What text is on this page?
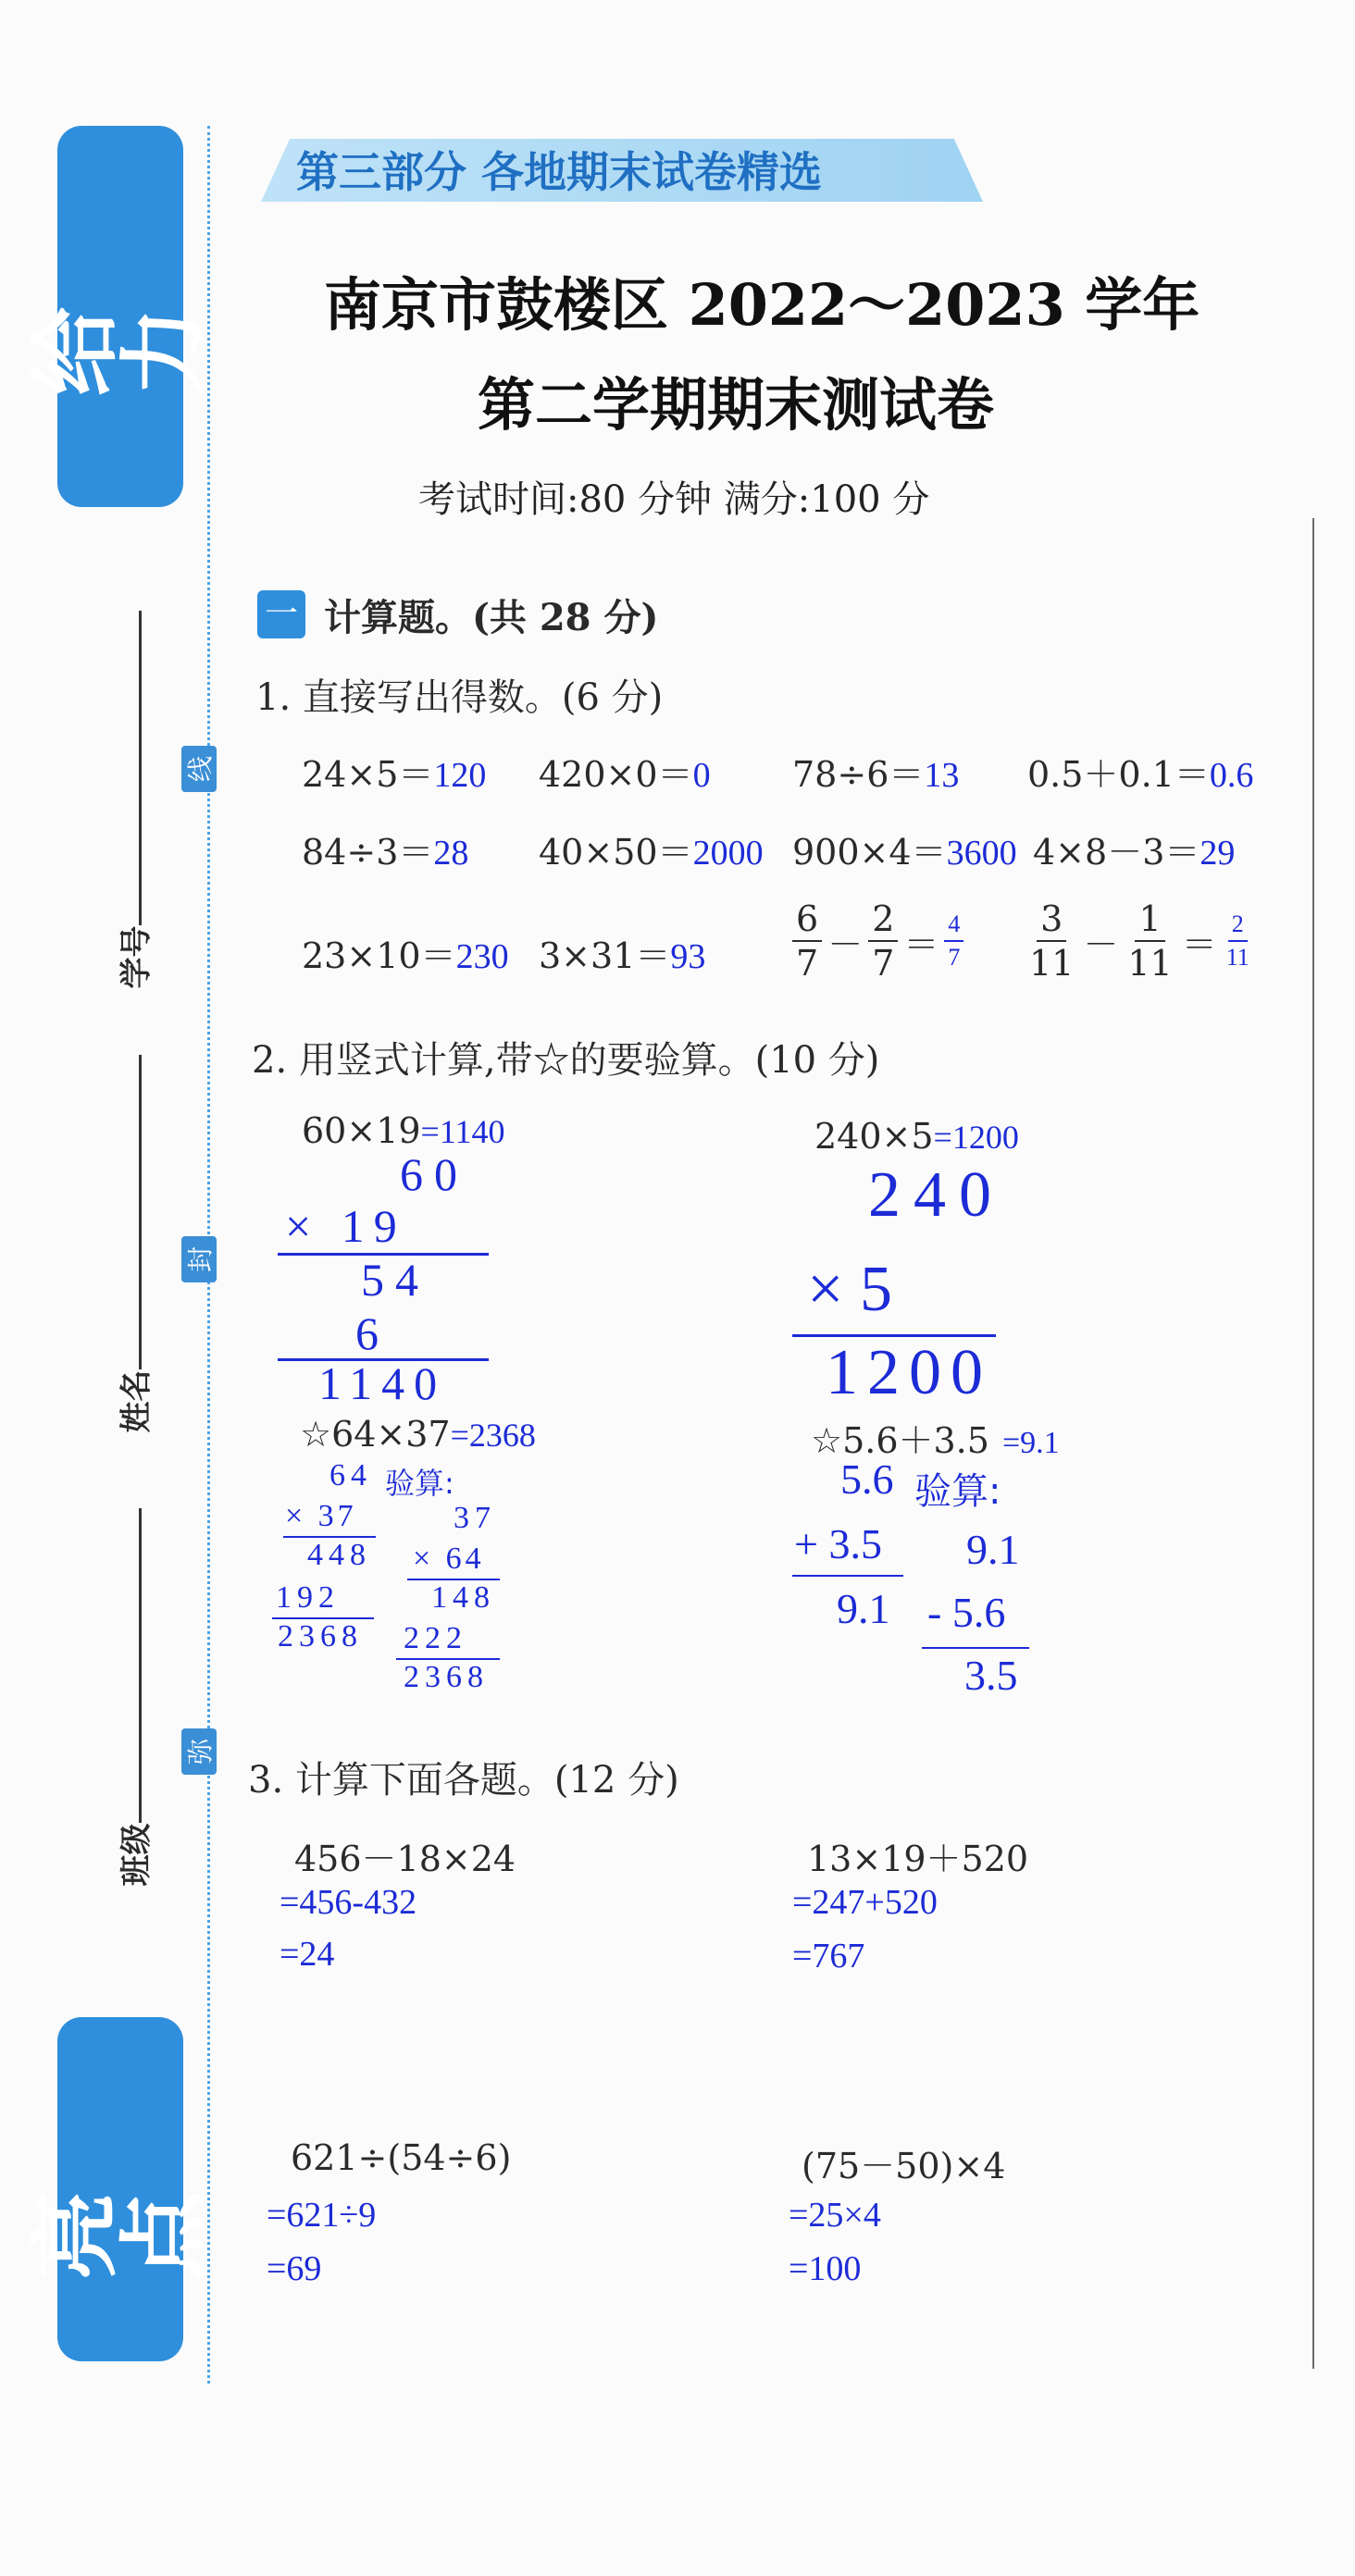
给力
亮点
线
封
弥
学号
姓名
班级
第三部分 各地期末试卷精选
南京市鼓楼区 2022～2023 学年
第二学期期末测试卷
考试时间:80 分钟 满分:100 分
一 计算题。(共 28 分)
1. 直接写出得数。(6 分)
24×5＝120 420×0＝0 78÷6＝13 0.5＋0.1＝0.6
84÷3＝28 40×50＝2000 900×4＝3600 4×8－3＝29
23×10＝230 $3\times 31=93 \frac{6}{7} - \frac{2}{7} = \frac{4}{7} \frac{3}{11} - \frac{1}{11} = \frac{2}{11}$
2. 用竖式计算,带☆的要验算。(10 分)
60×19=1140
60
× 19
54
6
1140
240×5=1200
240
× 5
1200
☆64×37=2368
64 验算:
× 37
448
192
2368
37
× 64
148
222
2368
☆5.6＋3.5 =9.1
5.6 验算:
+ 3.5
9.1
9.1
- 5.6
3.5
3. 计算下面各题。(12 分)
456－18×24
=456-432
=24
13×19＋520
=247+520
=767
621÷(54÷6)
=621÷9
=69
(75－50)×4
=25×4
=100
